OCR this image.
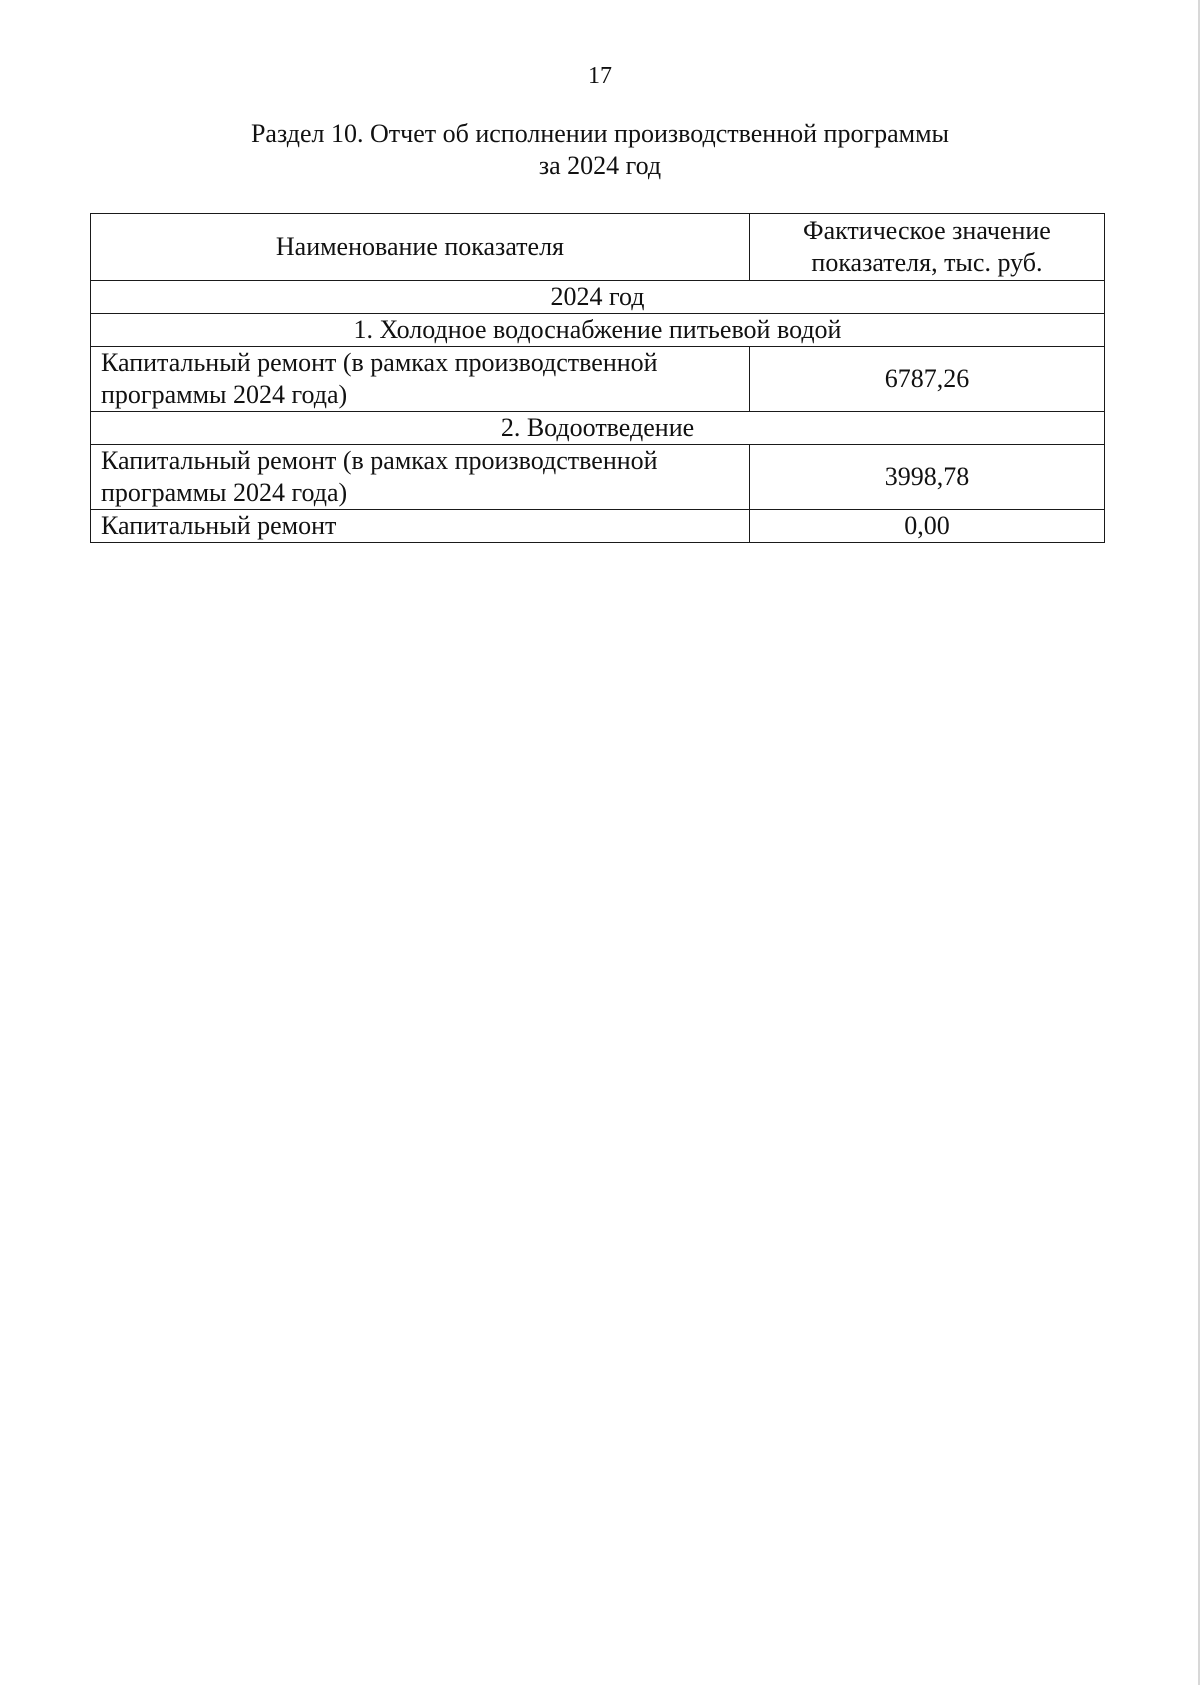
17
Раздел 10. Отчет об исполнении производственной программы
за 2024 год
Наименование показателя	Фактическое значение показателя, тыс. руб.
2024 год	
1. Холодное водоснабжение питьевой водой	
Капитальный ремонт (в рамках производственной программы 2024 года)	6787,26
2. Водоотведение	
Капитальный ремонт (в рамках производственной программы 2024 года)	3998,78
Капитальный ремонт	0,00
